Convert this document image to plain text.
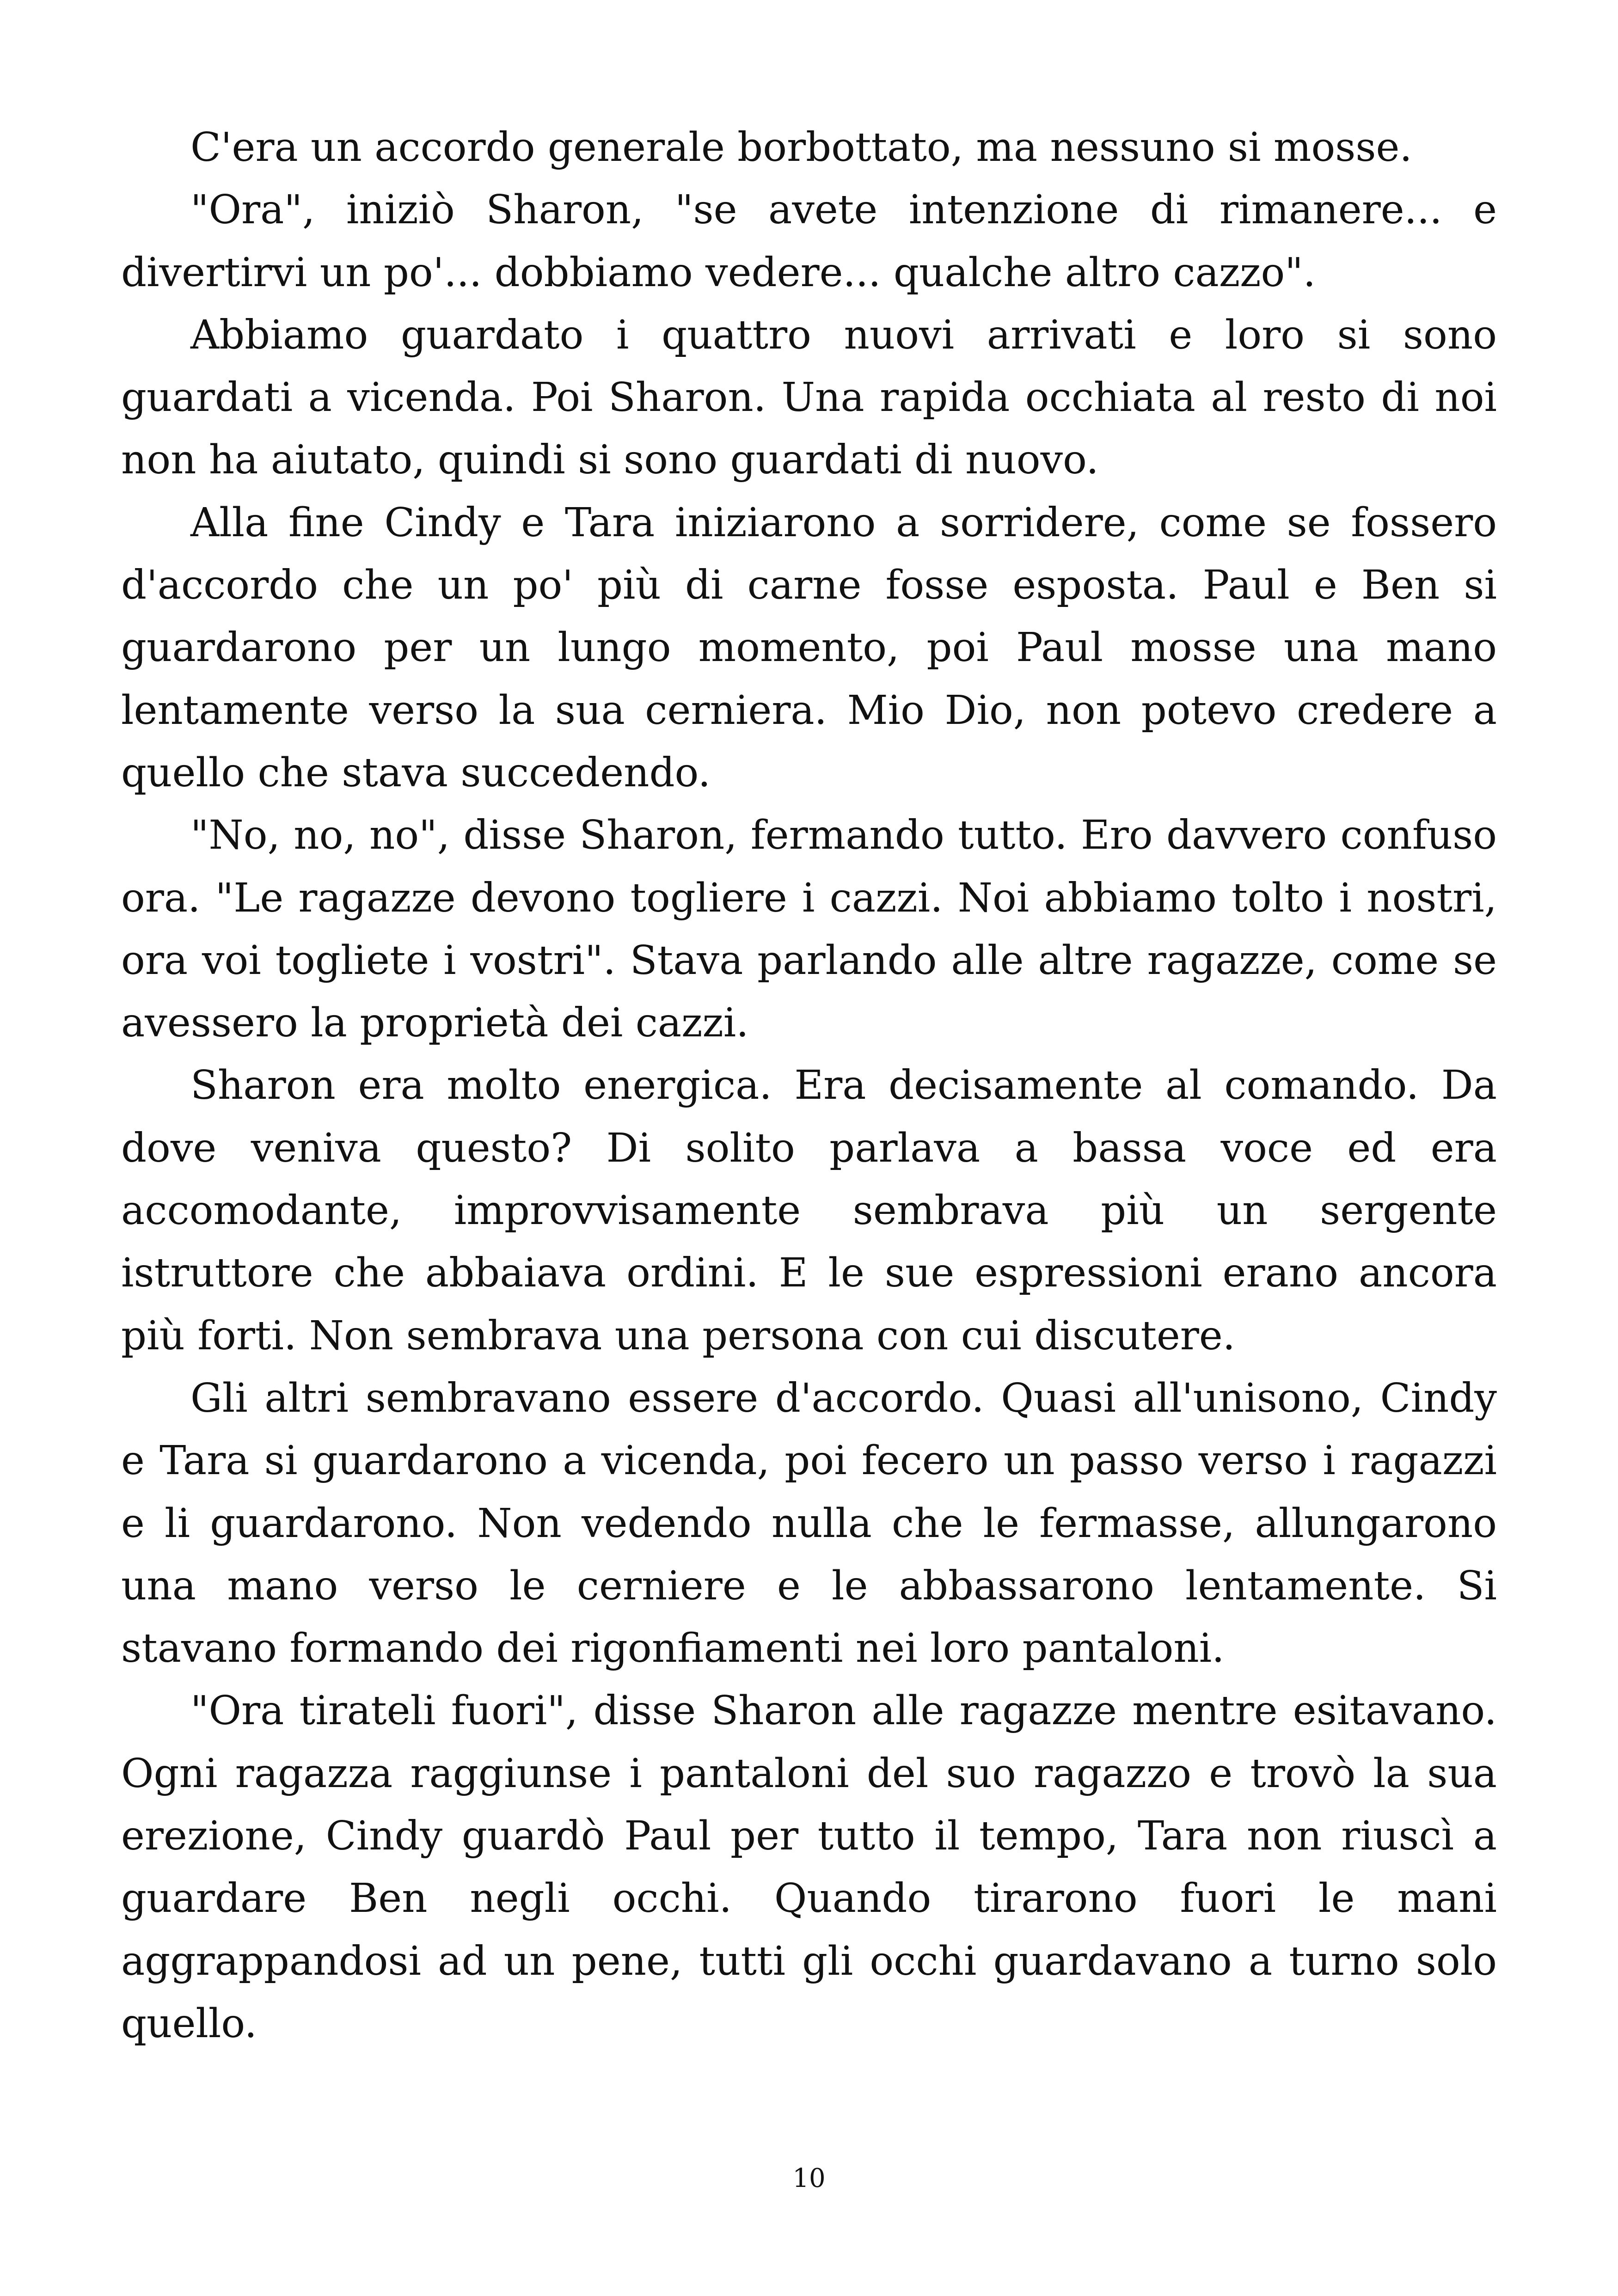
C'era un accordo generale borbottato, ma nessuno si mosse.

"Ora", iniziò Sharon, "se avete intenzione di rimanere... e divertirvi un po'... dobbiamo vedere... qualche altro cazzo".

Abbiamo guardato i quattro nuovi arrivati e loro si sono guardati a vicenda. Poi Sharon. Una rapida occhiata al resto di noi non ha aiutato, quindi si sono guardati di nuovo.

Alla fine Cindy e Tara iniziarono a sorridere, come se fossero d'accordo che un po' più di carne fosse esposta. Paul e Ben si guardarono per un lungo momento, poi Paul mosse una mano lentamente verso la sua cerniera. Mio Dio, non potevo credere a quello che stava succedendo.

"No, no, no", disse Sharon, fermando tutto. Ero davvero confuso ora. "Le ragazze devono togliere i cazzi. Noi abbiamo tolto i nostri, ora voi togliete i vostri". Stava parlando alle altre ragazze, come se avessero la proprietà dei cazzi.

Sharon era molto energica. Era decisamente al comando. Da dove veniva questo? Di solito parlava a bassa voce ed era accomodante, improvvisamente sembrava più un sergente istruttore che abbaiava ordini. E le sue espressioni erano ancora più forti. Non sembrava una persona con cui discutere.

Gli altri sembravano essere d'accordo. Quasi all'unisono, Cindy e Tara si guardarono a vicenda, poi fecero un passo verso i ragazzi e li guardarono. Non vedendo nulla che le fermasse, allungarono una mano verso le cerniere e le abbassarono lentamente. Si stavano formando dei rigonfiamenti nei loro pantaloni.

"Ora tirateli fuori", disse Sharon alle ragazze mentre esitavano. Ogni ragazza raggiunse i pantaloni del suo ragazzo e trovò la sua erezione, Cindy guardò Paul per tutto il tempo, Tara non riuscì a guardare Ben negli occhi. Quando tirarono fuori le mani aggrappandosi ad un pene, tutti gli occhi guardavano a turno solo quello.

10
